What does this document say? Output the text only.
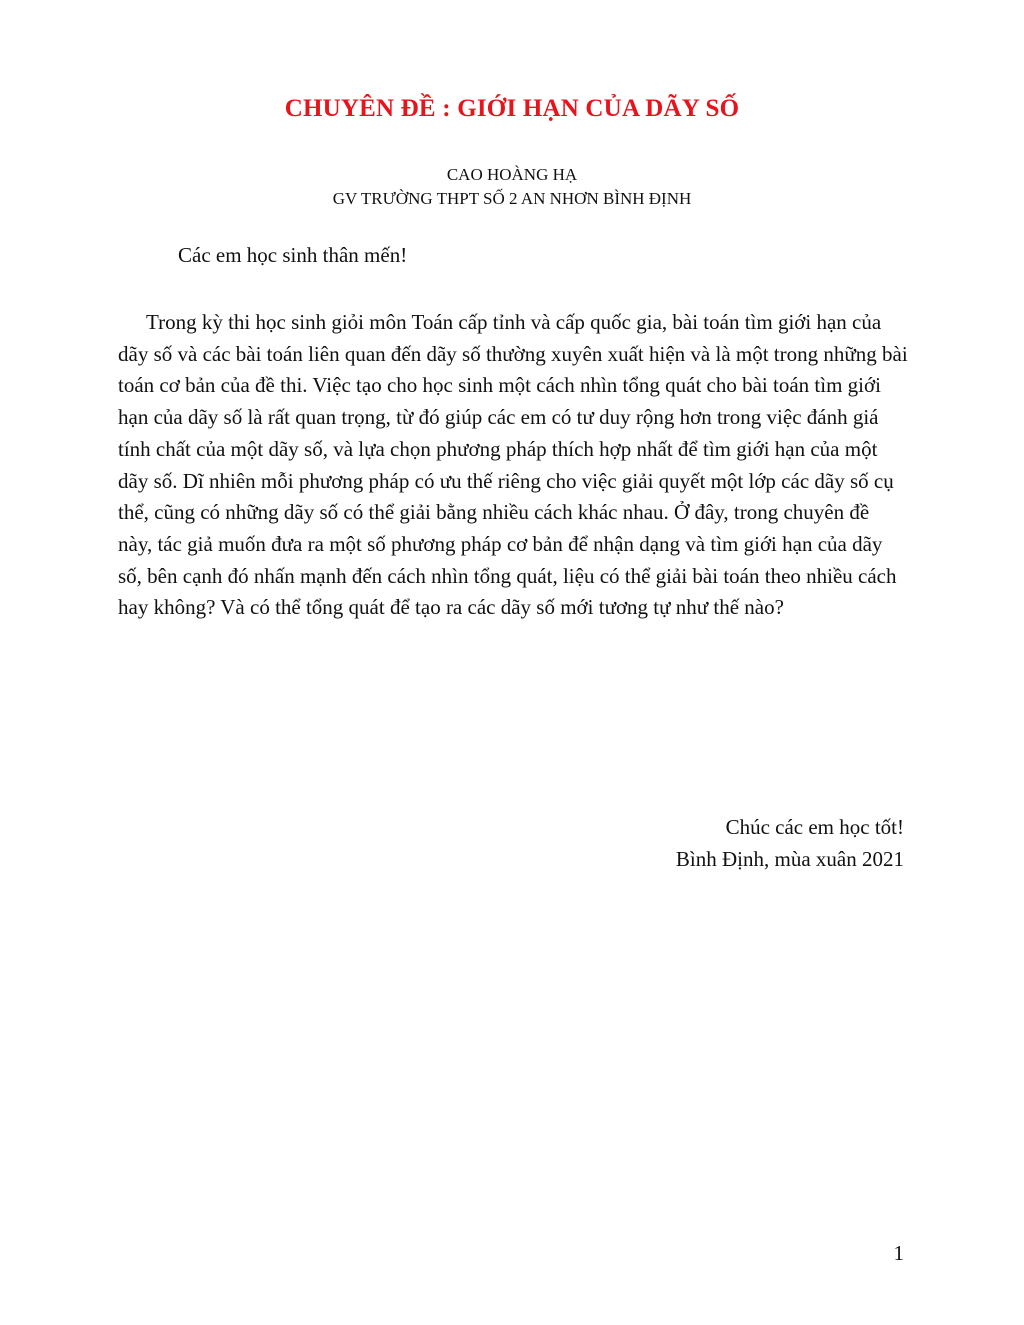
CHUYÊN ĐỀ : GIỚI HẠN CỦA DÃY SỐ
CAO HOÀNG HẠ
GV TRƯỜNG THPT SỐ 2 AN NHƠN BÌNH ĐỊNH
Các em học sinh thân mến!

Trong kỳ thi học sinh giỏi môn Toán cấp tỉnh và cấp quốc gia, bài toán tìm giới hạn của dãy số và các bài toán liên quan đến dãy số thường xuyên xuất hiện và là một trong những bài toán cơ bản của đề thi. Việc tạo cho học sinh một cách nhìn tổng quát cho bài toán tìm giới hạn của dãy số là rất quan trọng, từ đó giúp các em có tư duy rộng hơn trong việc đánh giá tính chất của một dãy số, và lựa chọn phương pháp thích hợp nhất để tìm giới hạn của một dãy số. Dĩ nhiên mỗi phương pháp có ưu thế riêng cho việc giải quyết một lớp các dãy số cụ thể, cũng có những dãy số có thể giải bằng nhiều cách khác nhau. Ở đây, trong chuyên đề này, tác giả muốn đưa ra một số phương pháp cơ bản để nhận dạng và tìm giới hạn của dãy số, bên cạnh đó nhấn mạnh đến cách nhìn tổng quát, liệu có thể giải bài toán theo nhiều cách hay không? Và có thể tổng quát để tạo ra các dãy số mới tương tự như thế nào?

Chúc các em học tốt!
Bình Định, mùa xuân 2021
1
